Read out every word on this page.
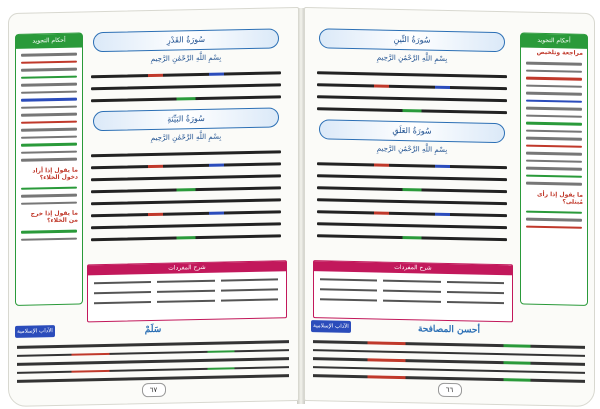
أحكام التجويد
ما يقول إذا أراد دخول الخلاء؟
ما يقول إذا خرج من الخلاء؟
سُورَةُ القَدْرِ
بِسْمِ اللَّهِ الرَّحْمَٰنِ الرَّحِيمِ
سُورَةُ البَيِّنَةِ
بِسْمِ اللَّهِ الرَّحْمَٰنِ الرَّحِيمِ
شرح المفردات
الآداب الإسلامية	سَلَمْ
٦٧
سُورَةُ التِّينِ
بِسْمِ اللَّهِ الرَّحْمَٰنِ الرَّحِيمِ
سُورَةُ العَلَقِ
بِسْمِ اللَّهِ الرَّحْمَٰنِ الرَّحِيمِ
أحكام التجويد
مراجعة وتلخيص
ما يقول إذا رأى مُبتلى؟
شرح المفردات
الآداب الإسلامية	أحسن المصافحة
٦٦
